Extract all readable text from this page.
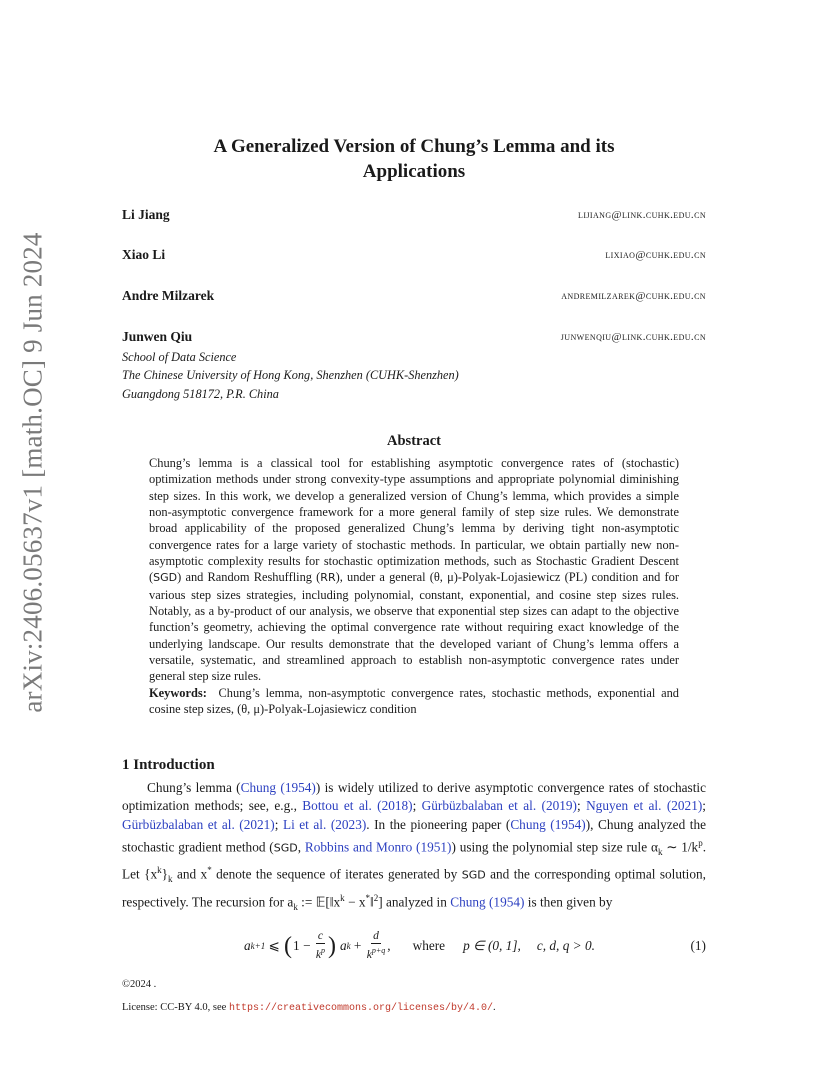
arXiv:2406.05637v1 [math.OC] 9 Jun 2024
A Generalized Version of Chung’s Lemma and its
Applications
Li Jiang	lijiang@link.cuhk.edu.cn
Xiao Li	lixiao@cuhk.edu.cn
Andre Milzarek	andremilzarek@cuhk.edu.cn
Junwen Qiu	junwenqiu@link.cuhk.edu.cn
School of Data Science
The Chinese University of Hong Kong, Shenzhen (CUHK-Shenzhen)
Guangdong 518172, P.R. China
Abstract
Chung’s lemma is a classical tool for establishing asymptotic convergence rates of (stochastic) optimization methods under strong convexity-type assumptions and appropriate polynomial diminishing step sizes. In this work, we develop a generalized version of Chung’s lemma, which provides a simple non-asymptotic convergence framework for a more general family of step size rules. We demonstrate broad applicability of the proposed generalized Chung’s lemma by deriving tight non-asymptotic convergence rates for a large variety of stochastic methods. In particular, we obtain partially new non-asymptotic complexity results for stochastic optimization methods, such as Stochastic Gradient Descent (SGD) and Random Reshuffling (RR), under a general (θ, μ)-Polyak-Lojasiewicz (PL) condition and for various step sizes strategies, including polynomial, constant, exponential, and cosine step sizes rules. Notably, as a by-product of our analysis, we observe that exponential step sizes can adapt to the objective function’s geometry, achieving the optimal convergence rate without requiring exact knowledge of the underlying landscape. Our results demonstrate that the developed variant of Chung’s lemma offers a versatile, systematic, and streamlined approach to establish non-asymptotic convergence rates under general step size rules.
Keywords: Chung’s lemma, non-asymptotic convergence rates, stochastic methods, exponential and cosine step sizes, (θ, μ)-Polyak-Lojasiewicz condition
1 Introduction
Chung’s lemma (Chung (1954)) is widely utilized to derive asymptotic convergence rates of stochastic optimization methods; see, e.g., Bottou et al. (2018); Gürbüzbalaban et al. (2019); Nguyen et al. (2021); Gürbüzbalaban et al. (2021); Li et al. (2023). In the pioneering paper (Chung (1954)), Chung analyzed the stochastic gradient method (SGD, Robbins and Monro (1951)) using the polynomial step size rule $\alpha_k$ ∼ $1/k^p$. Let $\{x^k\}_k$ and x* denote the sequence of iterates generated by SGD and the corresponding optimal solution, respectively. The recursion for $a_k$ := $𝔼[‖x^k$ − x*‖$^2$] analyzed in Chung (1954) is then given by
a k+1 ⩽ ( $1 - \frac{c}{k^p}$ ) a $k + \frac{d}{k^{p+q}}$ , where p ∈ (0, 1], c, d, q > 0.	(1)
©2024 .
License: CC-BY 4.0, see https://creativecommons.org/licenses/by/4.0/.
